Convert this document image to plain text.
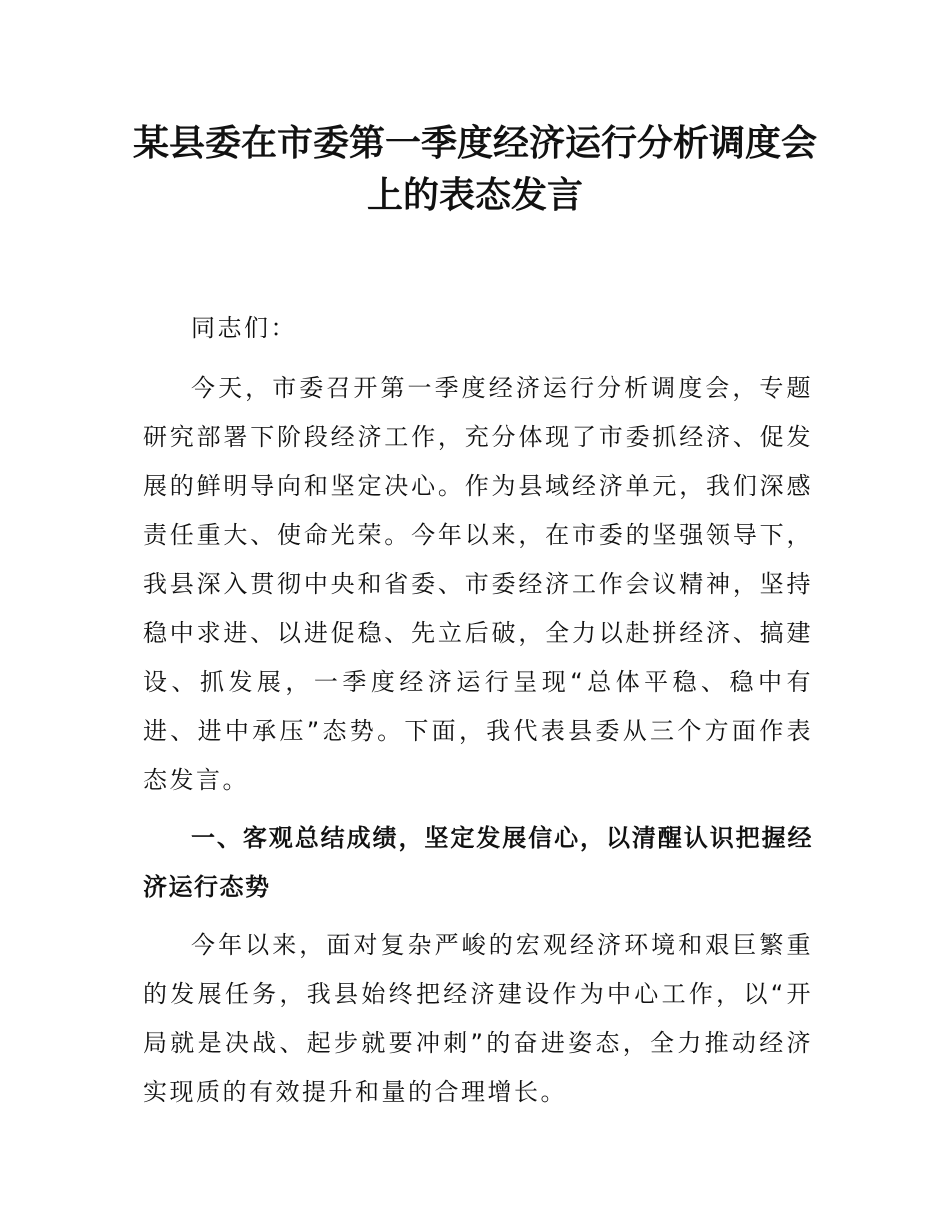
某县委在市委第一季度经济运行分析调度会上的表态发言

同志们：

今天，市委召开第一季度经济运行分析调度会，专题研究部署下阶段经济工作，充分体现了市委抓经济、促发展的鲜明导向和坚定决心。作为县域经济单元，我们深感责任重大、使命光荣。今年以来，在市委的坚强领导下，我县深入贯彻中央和省委、市委经济工作会议精神，坚持稳中求进、以进促稳、先立后破，全力以赴拼经济、搞建设、抓发展，一季度经济运行呈现“总体平稳、稳中有进、进中承压”态势。下面，我代表县委从三个方面作表态发言。

一、客观总结成绩，坚定发展信心，以清醒认识把握经济运行态势

今年以来，面对复杂严峻的宏观经济环境和艰巨繁重的发展任务，我县始终把经济建设作为中心工作，以“开局就是决战、起步就要冲刺”的奋进姿态，全力推动经济实现质的有效提升和量的合理增长。
